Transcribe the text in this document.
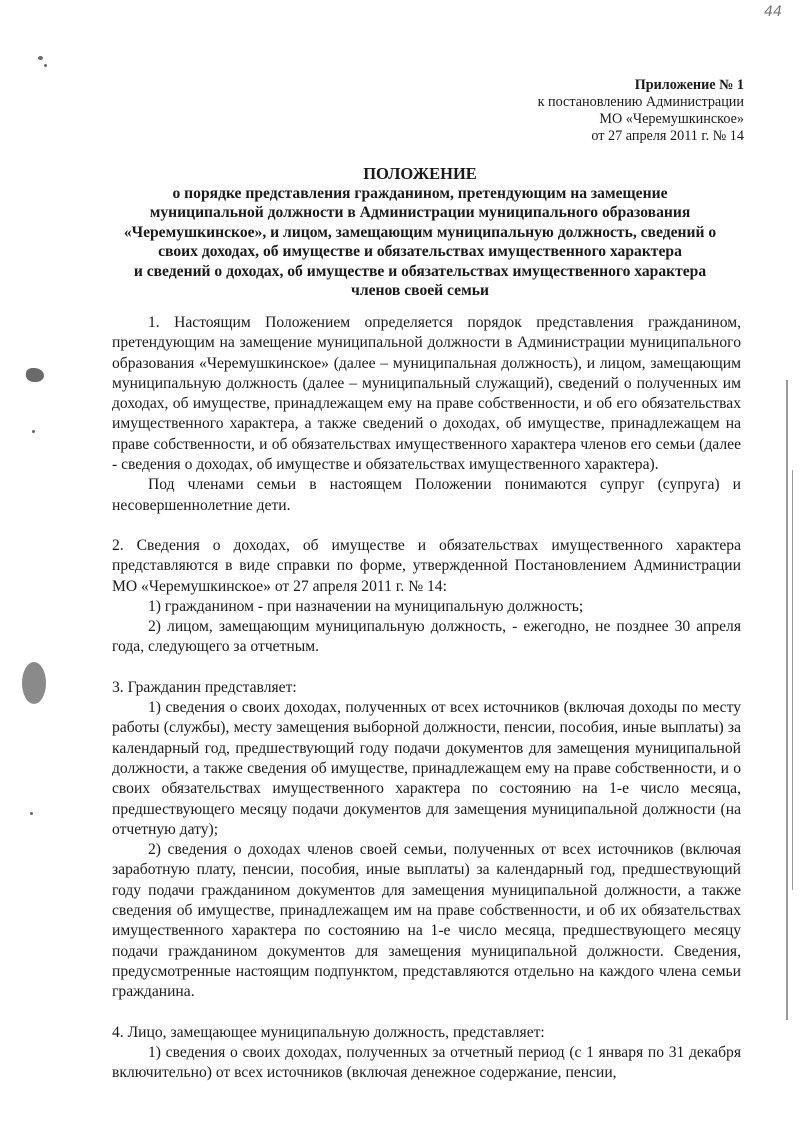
44
Приложение № 1
к постановлению Администрации
МО «Черемушкинское»
от 27 апреля 2011 г. № 14
ПОЛОЖЕНИЕ
о порядке представления гражданином, претендующим на замещение
муниципальной должности в Администрации муниципального образования
«Черемушкинское», и лицом, замещающим муниципальную должность, сведений о
своих доходах, об имуществе и обязательствах имущественного характера
и сведений о доходах, об имуществе и обязательствах имущественного характера
членов своей семьи

1. Настоящим Положением определяется порядок представления гражданином, претендующим на замещение муниципальной должности в Администрации муниципального образования «Черемушкинское» (далее – муниципальная должность), и лицом, замещающим муниципальную должность (далее – муниципальный служащий), сведений о полученных им доходах, об имуществе, принадлежащем ему на праве собственности, и об его обязательствах имущественного характера, а также сведений о доходах, об имуществе, принадлежащем на праве собственности, и об обязательствах имущественного характера членов его семьи (далее - сведения о доходах, об имуществе и обязательствах имущественного характера).

Под членами семьи в настоящем Положении понимаются супруг (супруга) и несовершеннолетние дети.

2. Сведения о доходах, об имуществе и обязательствах имущественного характера представляются в виде справки по форме, утвержденной Постановлением Администрации МО «Черемушкинское» от 27 апреля 2011 г. № 14:

1) гражданином - при назначении на муниципальную должность;

2) лицом, замещающим муниципальную должность, - ежегодно, не позднее 30 апреля года, следующего за отчетным.

3. Гражданин представляет:

1) сведения о своих доходах, полученных от всех источников (включая доходы по месту работы (службы), месту замещения выборной должности, пенсии, пособия, иные выплаты) за календарный год, предшествующий году подачи документов для замещения муниципальной должности, а также сведения об имуществе, принадлежащем ему на праве собственности, и о своих обязательствах имущественного характера по состоянию на 1-е число месяца, предшествующего месяцу подачи документов для замещения муниципальной должности (на отчетную дату);

2) сведения о доходах членов своей семьи, полученных от всех источников (включая заработную плату, пенсии, пособия, иные выплаты) за календарный год, предшествующий году подачи гражданином документов для замещения муниципальной должности, а также сведения об имуществе, принадлежащем им на праве собственности, и об их обязательствах имущественного характера по состоянию на 1-е число месяца, предшествующего месяцу подачи гражданином документов для замещения муниципальной должности. Сведения, предусмотренные настоящим подпунктом, представляются отдельно на каждого члена семьи гражданина.

4. Лицо, замещающее муниципальную должность, представляет:

1) сведения о своих доходах, полученных за отчетный период (с 1 января по 31 декабря включительно) от всех источников (включая денежное содержание, пенсии,
